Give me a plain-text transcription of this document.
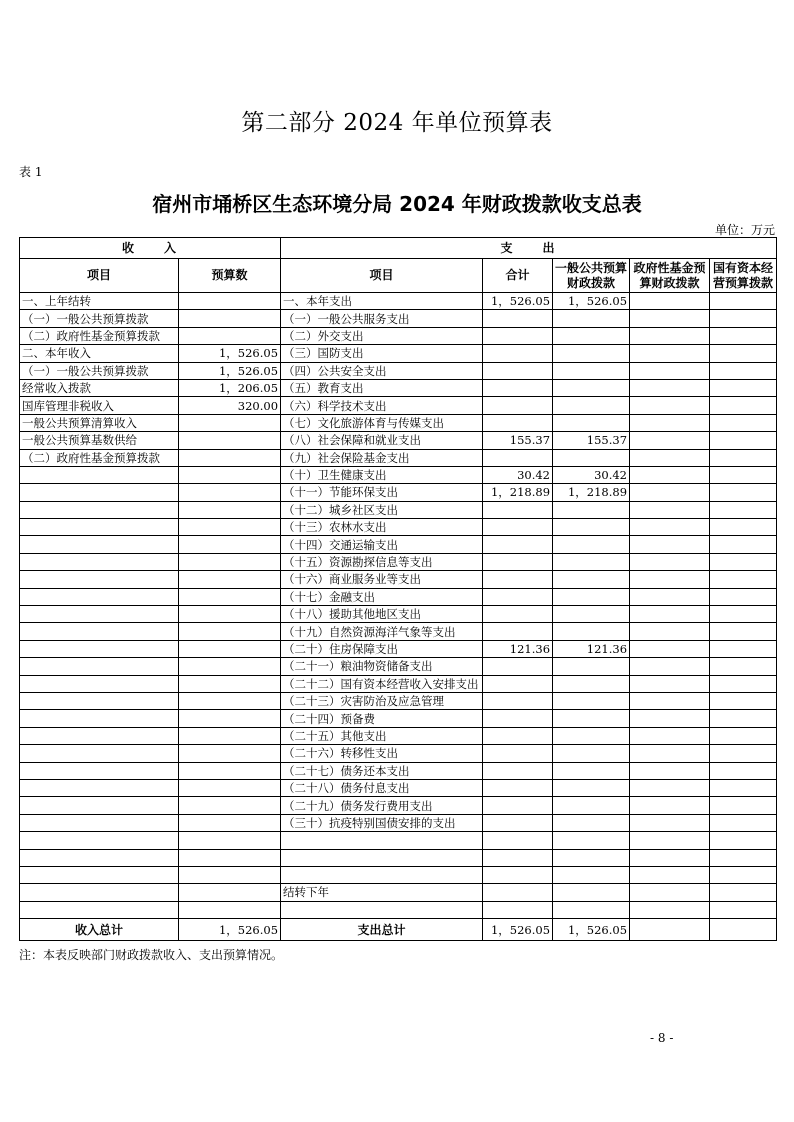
第二部分 2024 年单位预算表
表 1
宿州市埇桥区生态环境分局 2024 年财政拨款收支总表
单位：万元
收　　入		支　　出				
项目	预算数	项目	合计	一般公共预算财政拨款	政府性基金预算财政拨款	国有资本经营预算拨款
一、上年结转		一、本年支出	1，526.05	1，526.05		
（一）一般公共预算拨款		（一）一般公共服务支出				
（二）政府性基金预算拨款		（二）外交支出				
二、本年收入	1，526.05	（三）国防支出				
（一）一般公共预算拨款	1，526.05	（四）公共安全支出				
经常收入拨款	1，206.05	（五）教育支出				
国库管理非税收入	320.00	（六）科学技术支出				
一般公共预算清算收入		（七）文化旅游体育与传媒支出				
一般公共预算基数供给		（八）社会保障和就业支出	155.37	155.37		
（二）政府性基金预算拨款		（九）社会保险基金支出				
		（十）卫生健康支出	30.42	30.42		
		（十一）节能环保支出	1，218.89	1，218.89		
		（十二）城乡社区支出				
		（十三）农林水支出				
		（十四）交通运输支出				
		（十五）资源勘探信息等支出				
		（十六）商业服务业等支出				
		（十七）金融支出				
		（十八）援助其他地区支出				
		（十九）自然资源海洋气象等支出				
		（二十）住房保障支出	121.36	121.36		
		（二十一）粮油物资储备支出				
		（二十二）国有资本经营收入安排支出				
		（二十三）灾害防治及应急管理				
		（二十四）预备费				
		（二十五）其他支出				
		（二十六）转移性支出				
		（二十七）债务还本支出				
		（二十八）债务付息支出				
		（二十九）债务发行费用支出				
		（三十）抗疫特别国债安排的支出				

		结转下年				

收入总计	1，526.05	支出总计	1，526.05	1，526.05		
注：本表反映部门财政拨款收入、支出预算情况。
- 8 -
